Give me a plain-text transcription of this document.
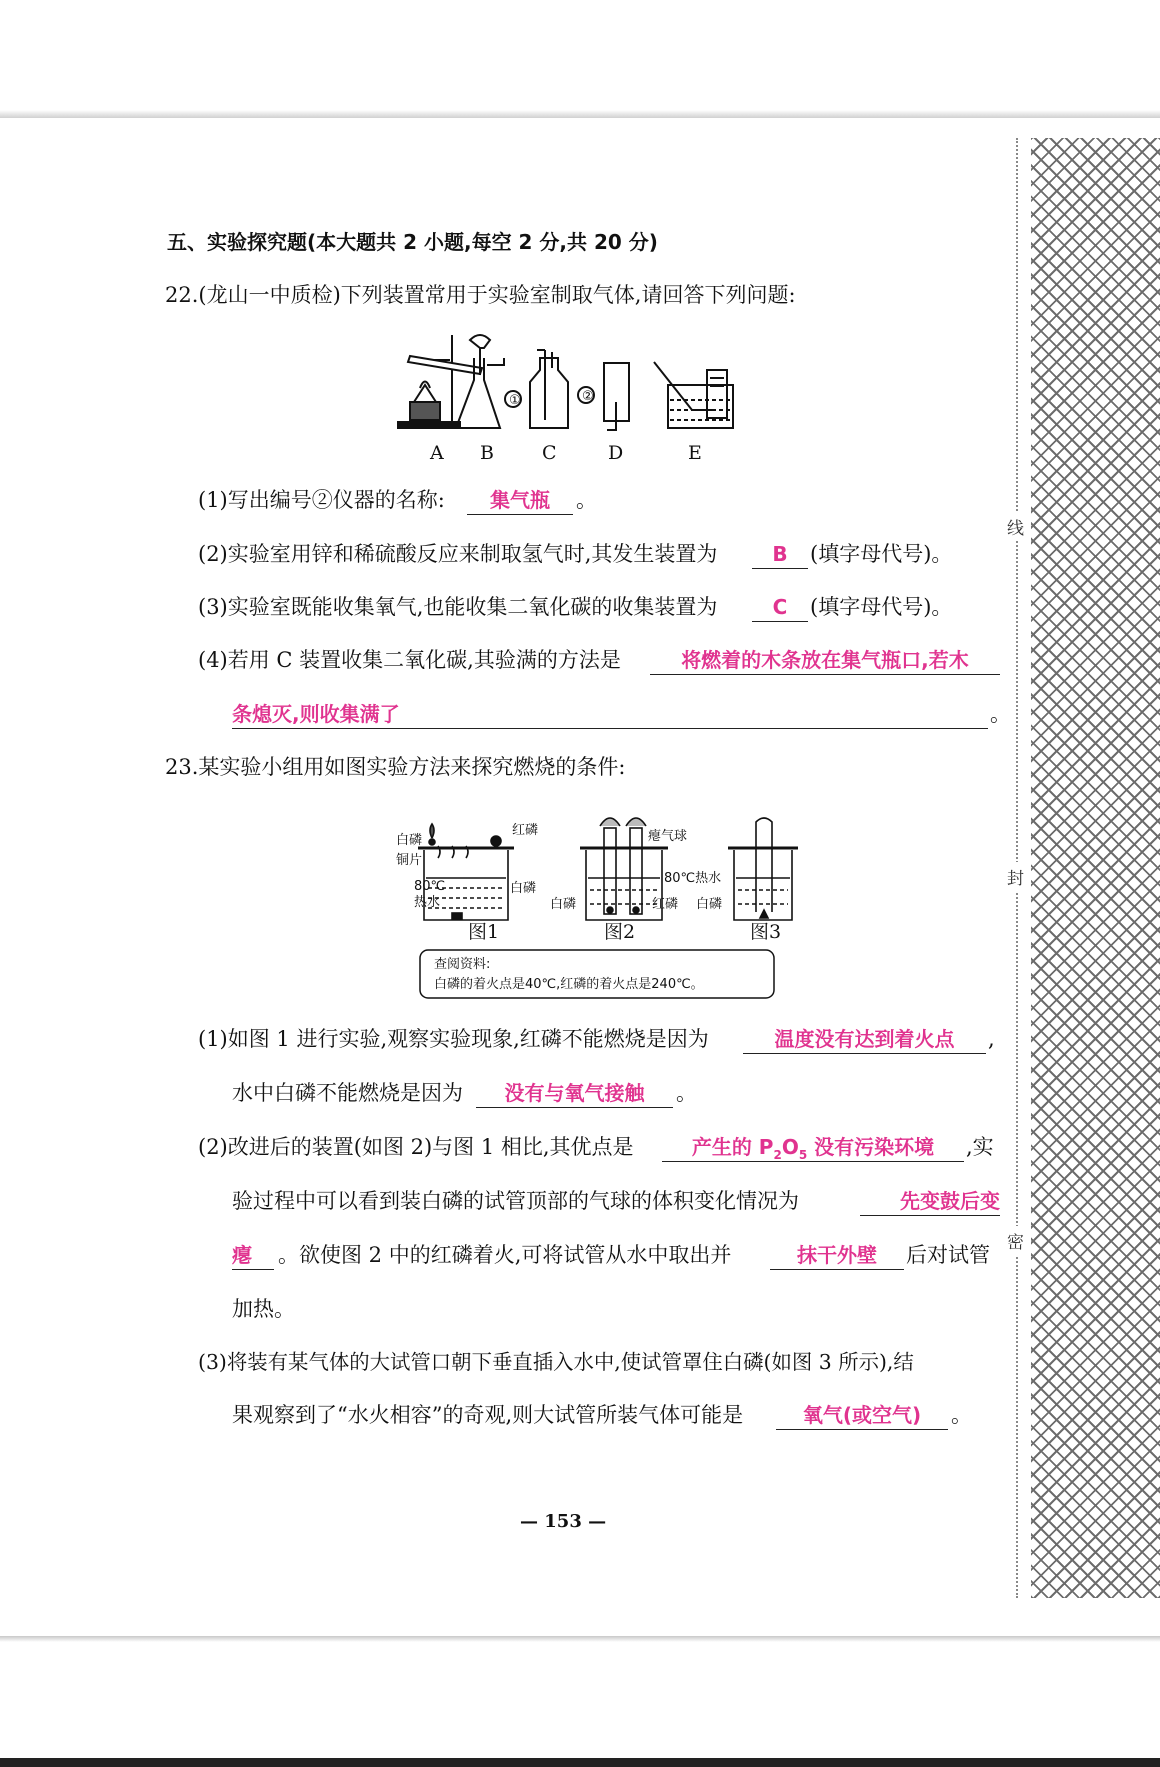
线
封
密
五、实验探究题(本大题共 2 小题,每空 2 分,共 20 分)
22.(龙山一中质检)下列装置常用于实验室制取气体,请回答下列问题:
①	②
A B	C	D	E
(1)写出编号②仪器的名称:	集气瓶	。
(2)实验室用锌和稀硫酸反应来制取氢气时,其发生装置为	B	(填字母代号)。
(3)实验室既能收集氧气,也能收集二氧化碳的收集装置为	C	(填字母代号)。
(4)若用 C 装置收集二氧化碳,其验满的方法是	将燃着的木条放在集气瓶口,若木
条熄灭,则收集满了	。
23.某实验小组用如图实验方法来探究燃烧的条件:
白磷
红磷
铜片
80℃
热水
白磷
图1
瘪气球
80℃热水
白磷	红磷
图2
白磷
图3
查阅资料:
白磷的着火点是40℃,红磷的着火点是240℃。
(1)如图 1 进行实验,观察实验现象,红磷不能燃烧是因为	温度没有达到着火点	,
水中白磷不能燃烧是因为	没有与氧气接触	。
(2)改进后的装置(如图 2)与图 1 相比,其优点是	产生的 $P_2O_5$ 没有污染环境	,实
验过程中可以看到装白磷的试管顶部的气球的体积变化情况为	先变鼓后变
瘪	。欲使图 2 中的红磷着火,可将试管从水中取出并	抹干外壁	后对试管
加热。
(3)将装有某气体的大试管口朝下垂直插入水中,使试管罩住白磷(如图 3 所示),结
果观察到了“水火相容”的奇观,则大试管所装气体可能是	氧气(或空气)	。
— 153 —
